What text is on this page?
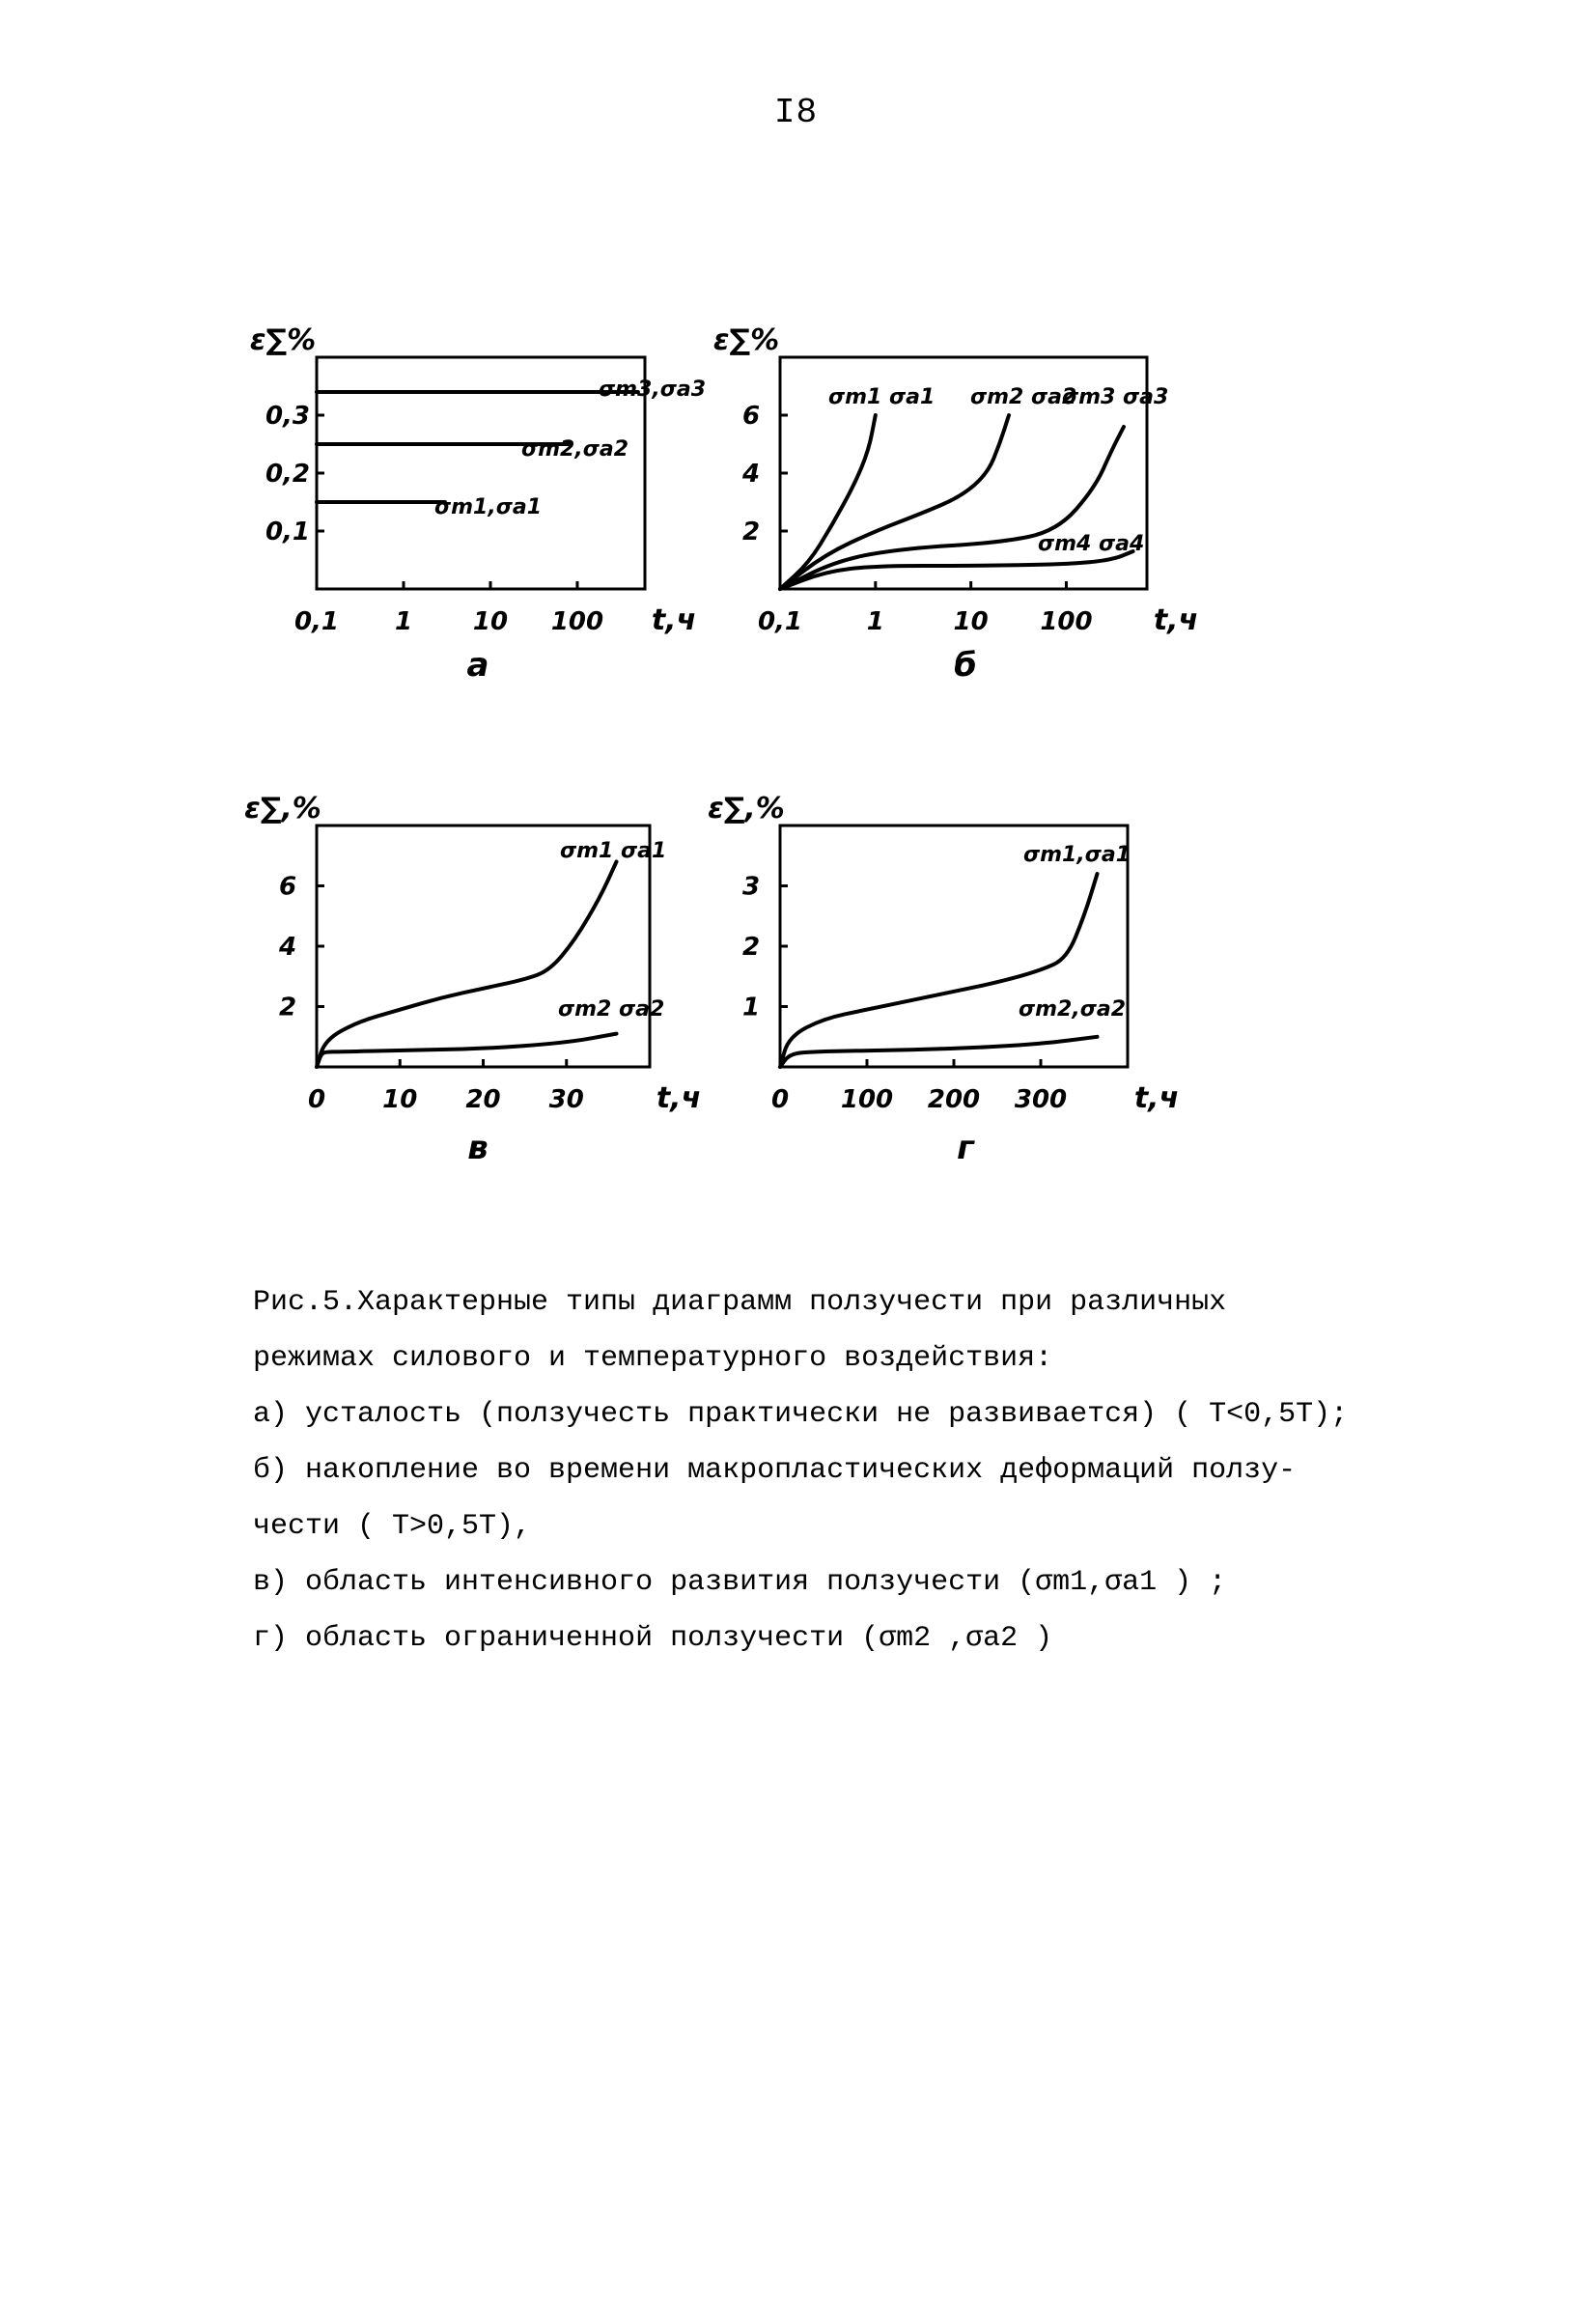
I8
ε∑%
t,ч
0,1 1 10 100
0,1
0,2
0,3
σm3,σa3
σm2,σa2
σm1,σa1
а
ε∑%
t,ч
0,1	1	10 100
2
4
6
σm1 σa1 σm2 σa2
σm3 σa3
σm4 σa4
б
ε∑,%
t,ч
0 10 20 30
2
4
6
σm1 σa1
σm2 σa2
в
ε∑,%
t,ч
0 100 200 300
1
2
3
σm1,σa1
σm2,σa2
г
Рис.5.Характерные типы диаграмм ползучести при различных
режимах силового и температурного воздействия:
а) усталость (ползучесть практически не развивается) ( T<0,5T);
б) накопление во времени макропластических деформаций ползу-
чести ( T>0,5T),
в) область интенсивного развития ползучести (σm1,σa1 ) ;
г) область ограниченной ползучести (σm2 ,σa2 )
